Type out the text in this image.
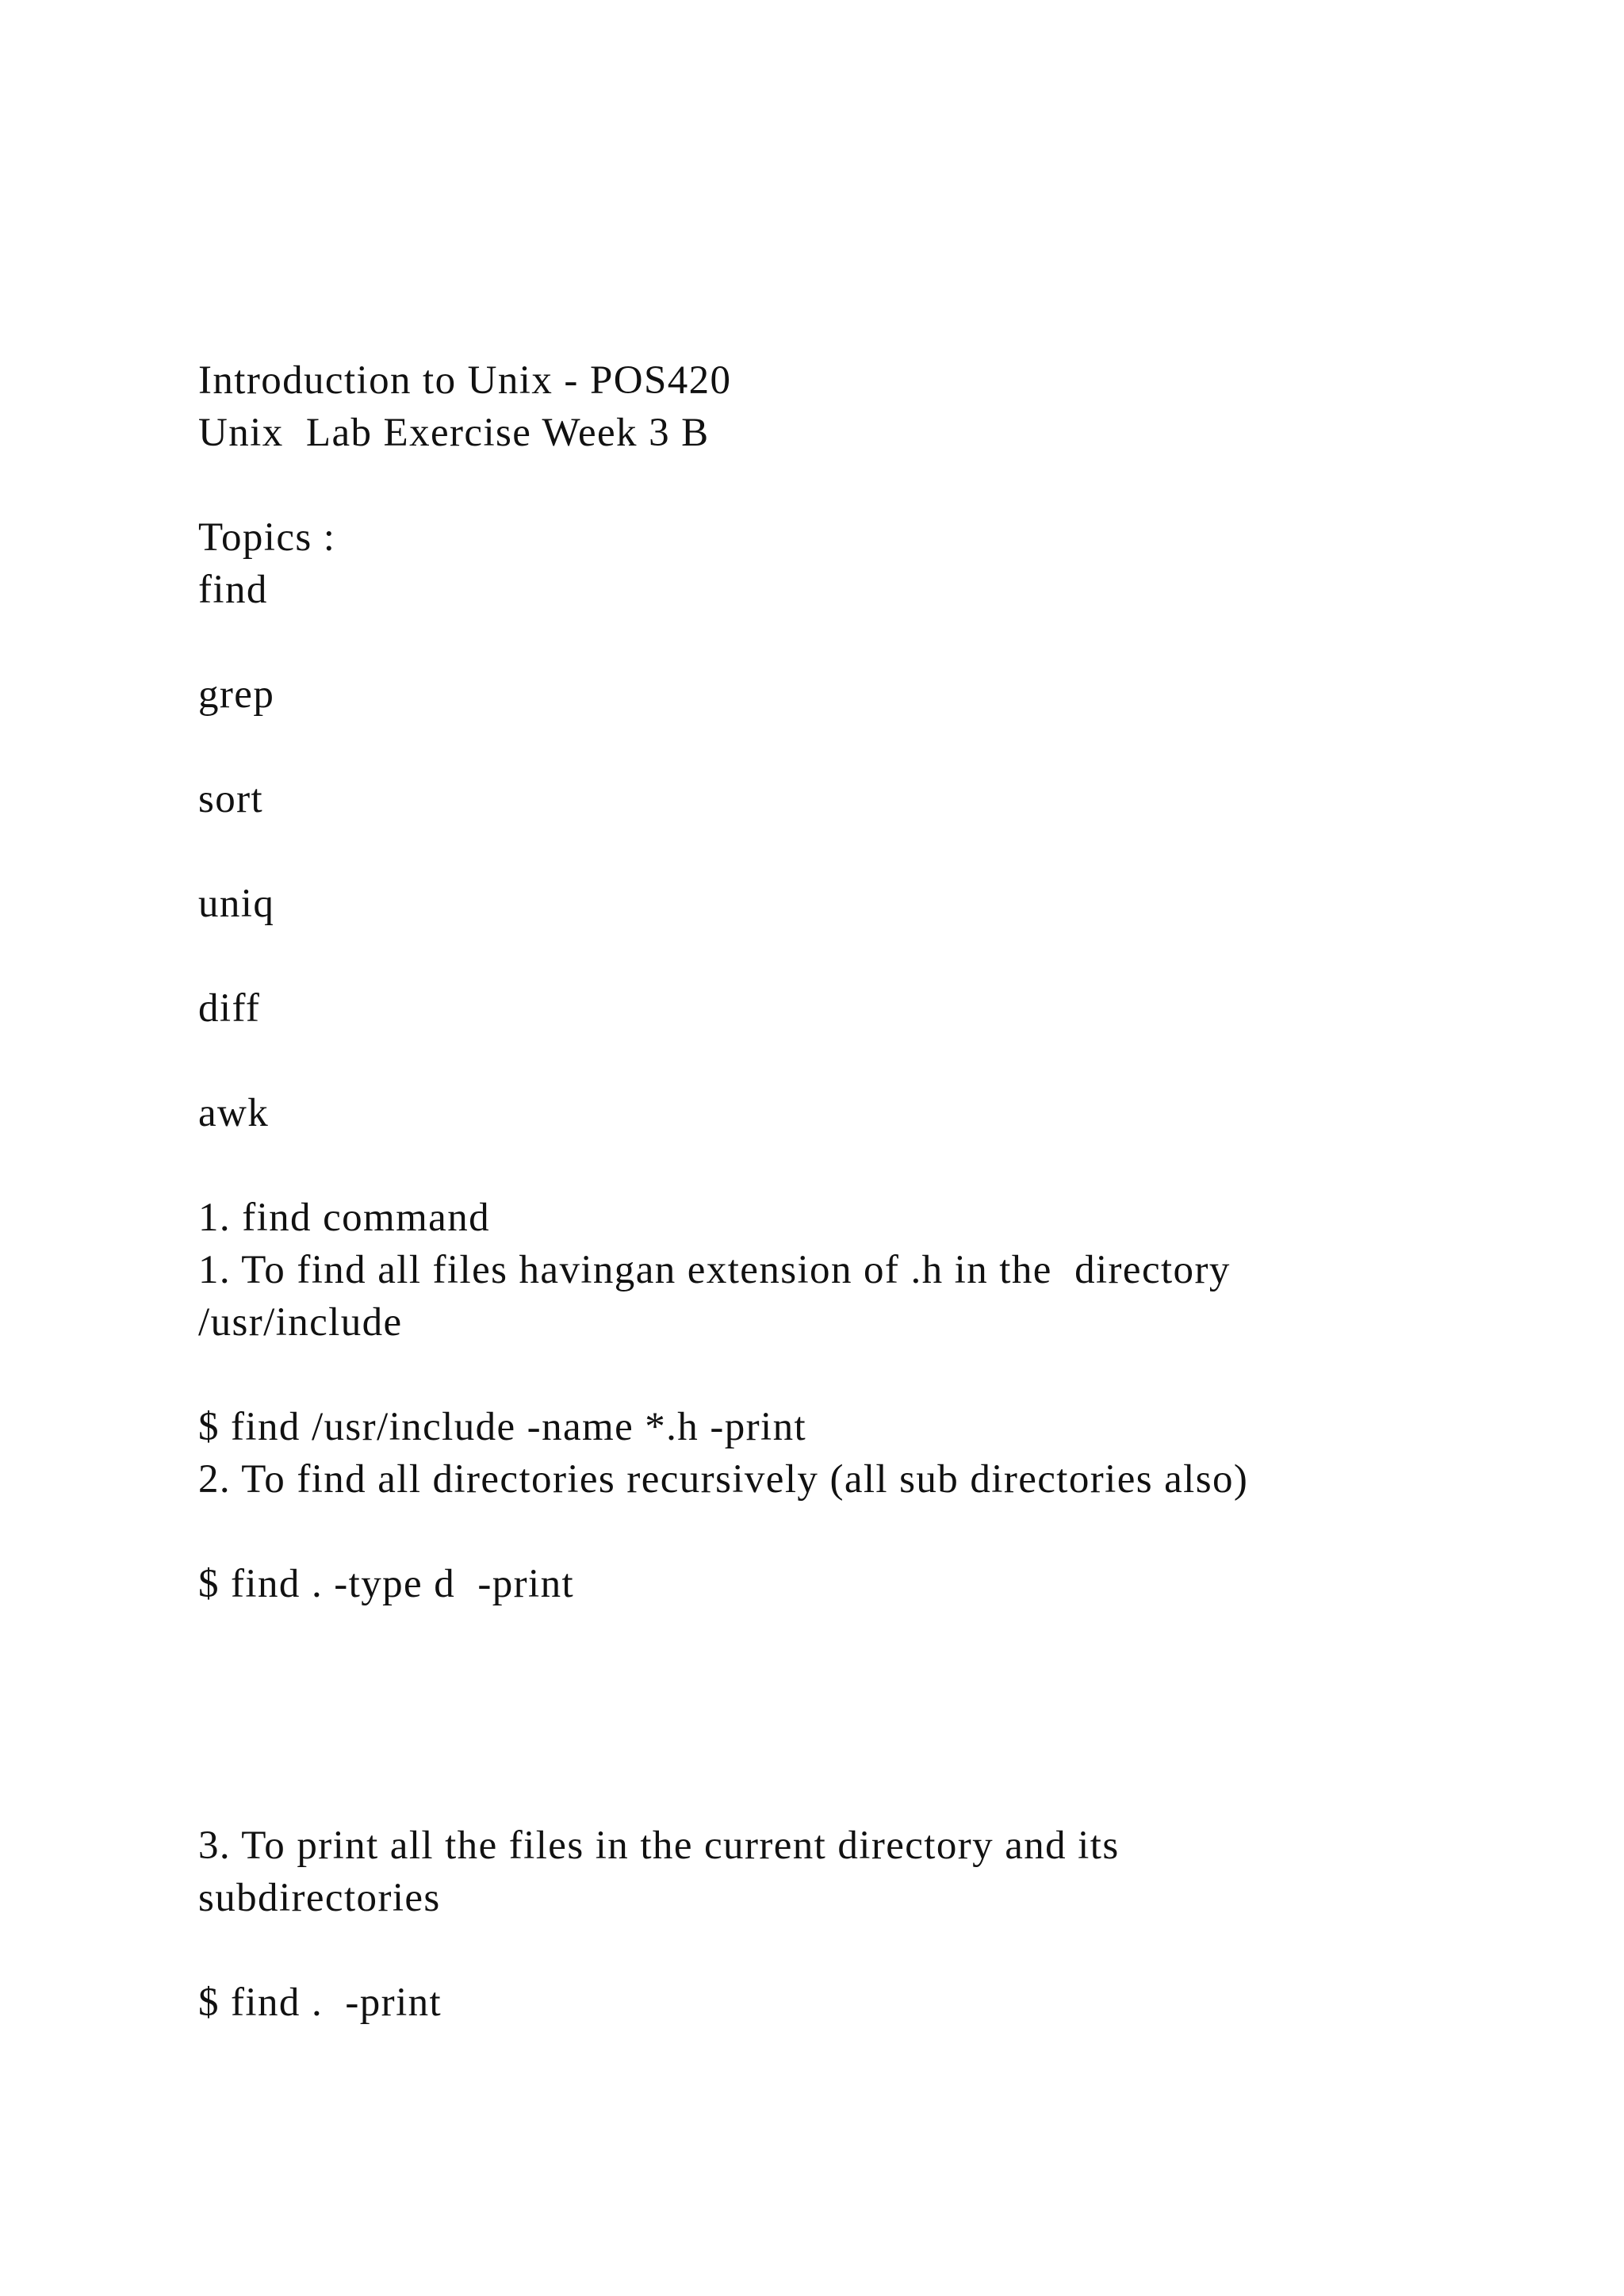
Introduction to Unix - POS420
Unix  Lab Exercise Week 3 B
Topics :
find
grep
sort
uniq
diff
awk
1. find command
1. To find all files havingan extension of .h in the  directory
/usr/include
$ find /usr/include -name *.h -print
2. To find all directories recursively (all sub directories also)
$ find . -type d  -print
3. To print all the files in the current directory and its
subdirectories
$ find .  -print
